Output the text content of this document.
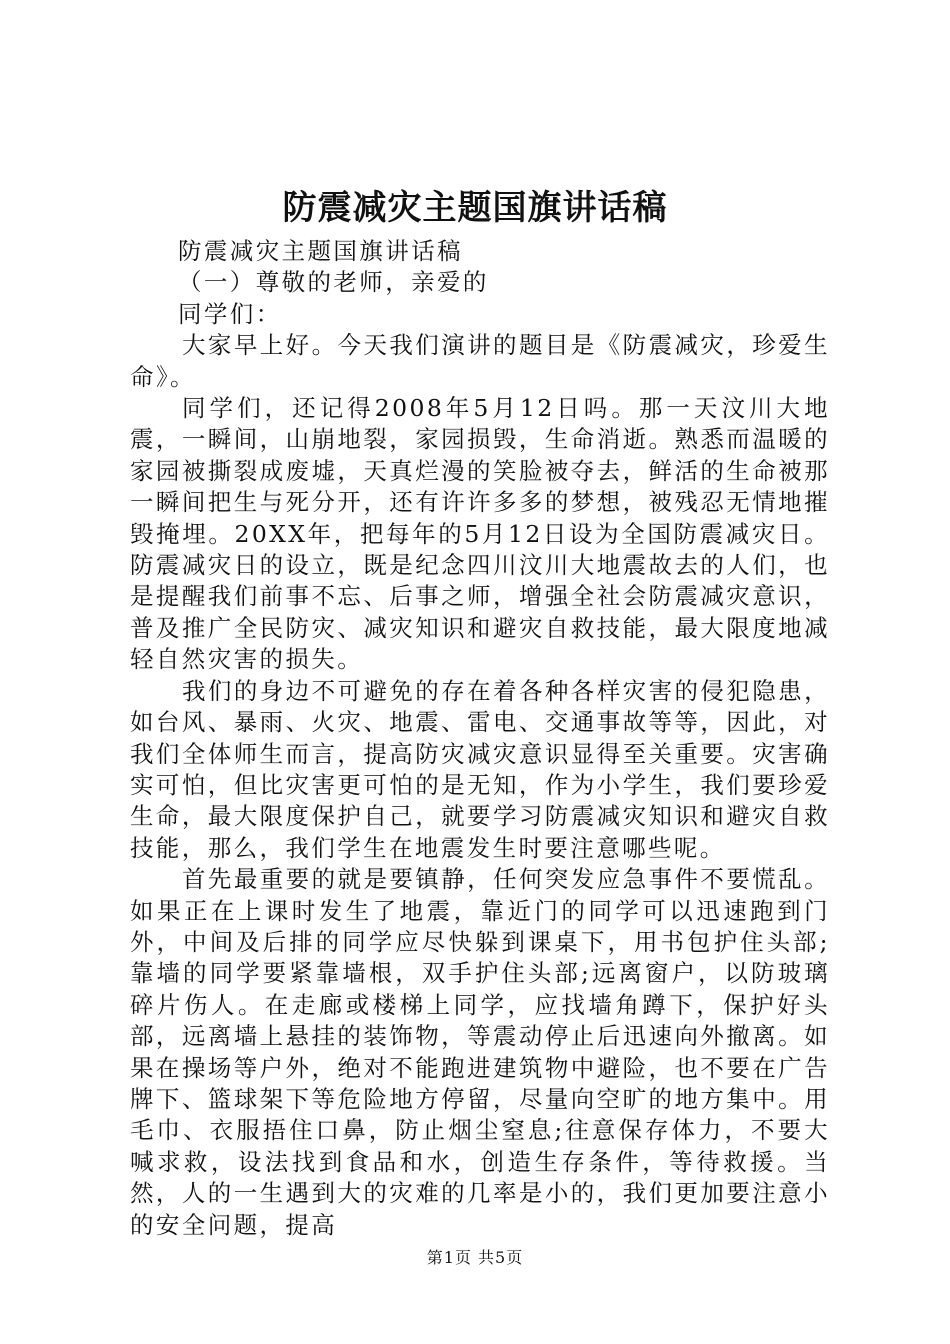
防震减灾主题国旗讲话稿

防震减灾主题国旗讲话稿

（一）尊敬的老师，亲爱的

同学们：

大家早上好。今天我们演讲的题目是《防震减灾，珍爱生命》。

同学们，还记得2008年5月12日吗。那一天汶川大地震，一瞬间，山崩地裂，家园损毁，生命消逝。熟悉而温暖的家园被撕裂成废墟，天真烂漫的笑脸被夺去，鲜活的生命被那一瞬间把生与死分开，还有许许多多的梦想，被残忍无情地摧毁掩埋。20XX年，把每年的5月12日设为全国防震减灾日。防震减灾日的设立，既是纪念四川汶川大地震故去的人们，也是提醒我们前事不忘、后事之师，增强全社会防震减灾意识，普及推广全民防灾、减灾知识和避灾自救技能，最大限度地减轻自然灾害的损失。

我们的身边不可避免的存在着各种各样灾害的侵犯隐患，如台风、暴雨、火灾、地震、雷电、交通事故等等，因此，对我们全体师生而言，提高防灾减灾意识显得至关重要。灾害确实可怕，但比灾害更可怕的是无知，作为小学生，我们要珍爱生命，最大限度保护自己，就要学习防震减灾知识和避灾自救技能，那么，我们学生在地震发生时要注意哪些呢。

首先最重要的就是要镇静，任何突发应急事件不要慌乱。如果正在上课时发生了地震，靠近门的同学可以迅速跑到门外，中间及后排的同学应尽快躲到课桌下，用书包护住头部;靠墙的同学要紧靠墙根，双手护住头部;远离窗户，以防玻璃碎片伤人。在走廊或楼梯上同学，应找墙角蹲下，保护好头部，远离墙上悬挂的装饰物，等震动停止后迅速向外撤离。如果在操场等户外，绝对不能跑进建筑物中避险，也不要在广告牌下、篮球架下等危险地方停留，尽量向空旷的地方集中。用毛巾、衣服捂住口鼻，防止烟尘窒息;往意保存体力，不要大喊求救，设法找到食品和水，创造生存条件，等待救援。当然，人的一生遇到大的灾难的几率是小的，我们更加要注意小的安全问题，提高

第1页 共5页
